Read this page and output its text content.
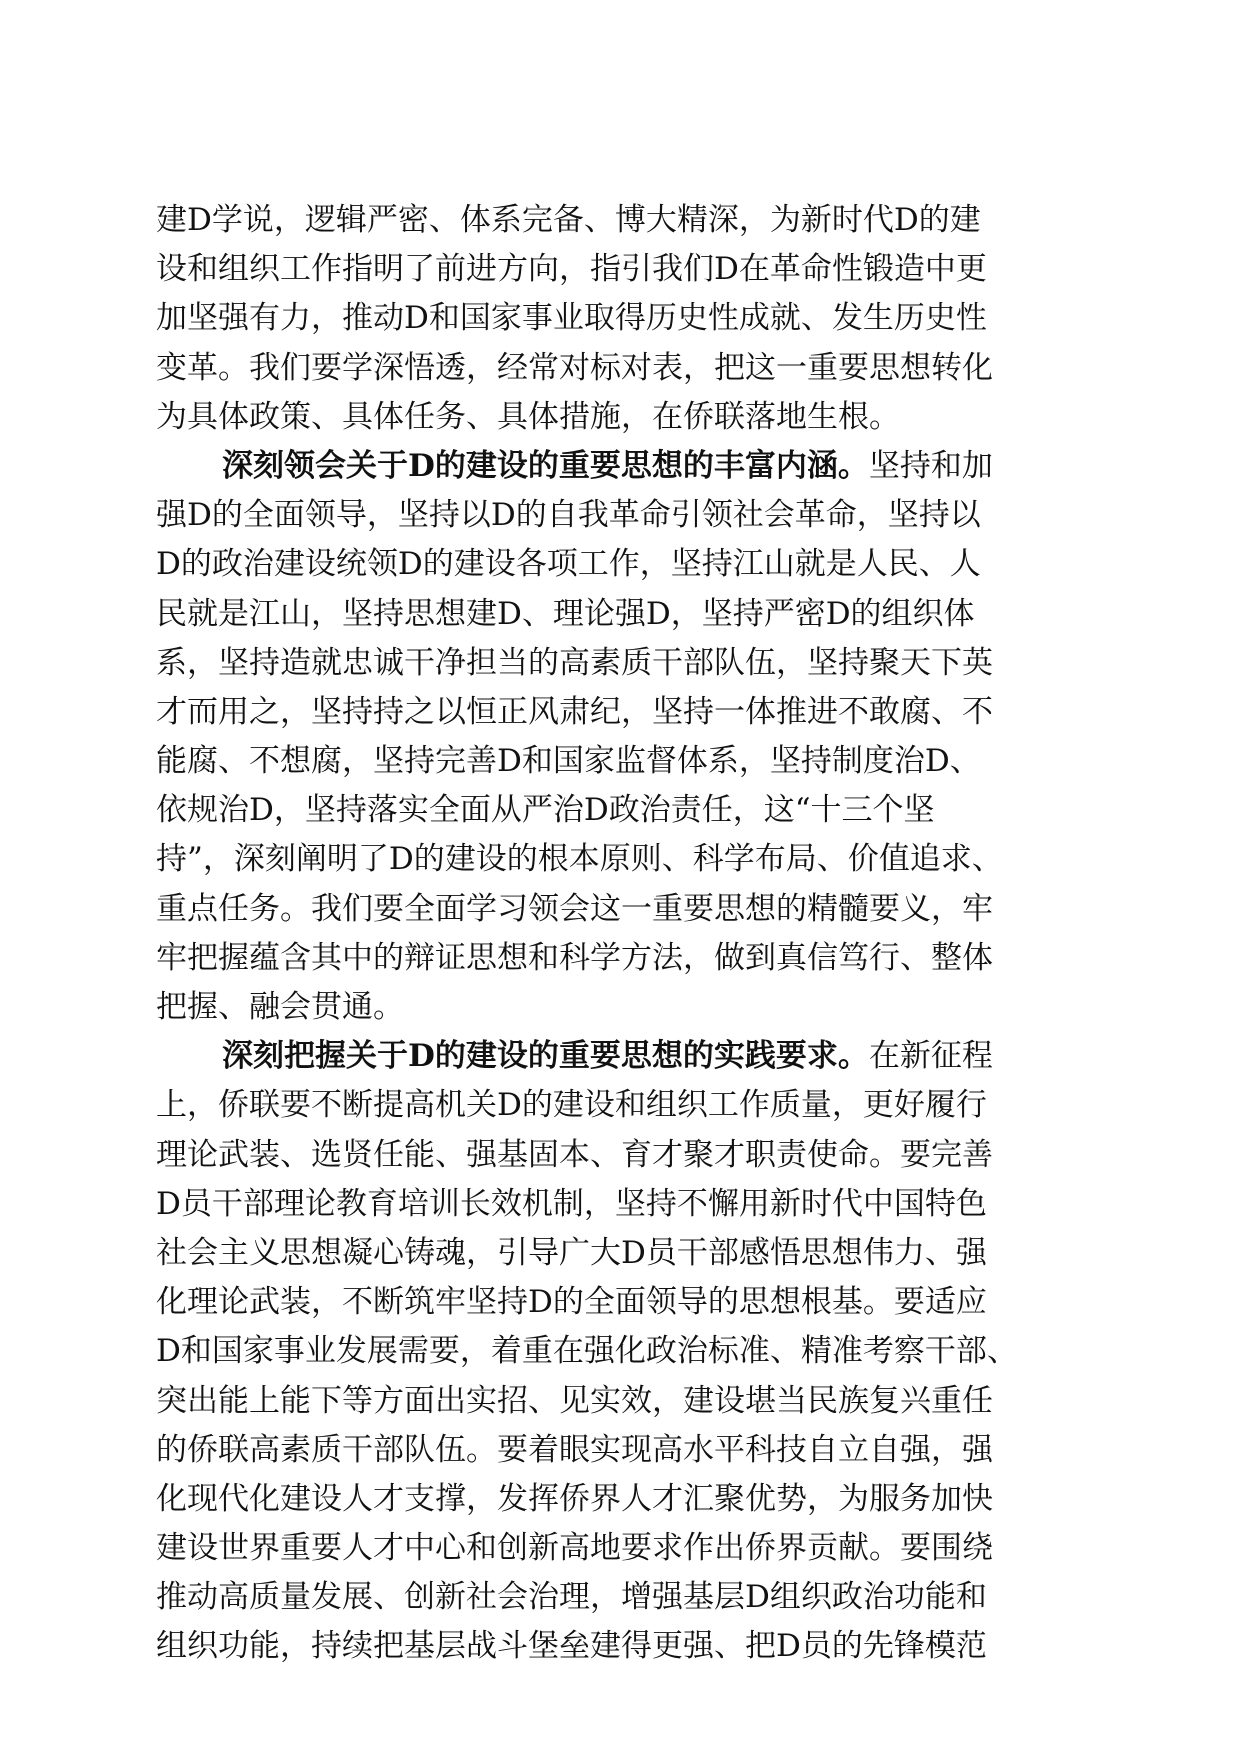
建D学说，逻辑严密、体系完备、博大精深，为新时代D的建
设和组织工作指明了前进方向，指引我们D在革命性锻造中更
加坚强有力，推动D和国家事业取得历史性成就、发生历史性
变革。我们要学深悟透，经常对标对表，把这一重要思想转化
为具体政策、具体任务、具体措施，在侨联落地生根。
深刻领会关于D的建设的重要思想的丰富内涵。坚持和加
强D的全面领导，坚持以D的自我革命引领社会革命，坚持以
D的政治建设统领D的建设各项工作，坚持江山就是人民、人
民就是江山，坚持思想建D、理论强D，坚持严密D的组织体
系，坚持造就忠诚干净担当的高素质干部队伍，坚持聚天下英
才而用之，坚持持之以恒正风肃纪，坚持一体推进不敢腐、不
能腐、不想腐，坚持完善D和国家监督体系，坚持制度治D、
依规治D，坚持落实全面从严治D政治责任，这“十三个坚
持”，深刻阐明了D的建设的根本原则、科学布局、价值追求、
重点任务。我们要全面学习领会这一重要思想的精髓要义，牢
牢把握蕴含其中的辩证思想和科学方法，做到真信笃行、整体
把握、融会贯通。
深刻把握关于D的建设的重要思想的实践要求。在新征程
上，侨联要不断提高机关D的建设和组织工作质量，更好履行
理论武装、选贤任能、强基固本、育才聚才职责使命。要完善
D员干部理论教育培训长效机制，坚持不懈用新时代中国特色
社会主义思想凝心铸魂，引导广大D员干部感悟思想伟力、强
化理论武装，不断筑牢坚持D的全面领导的思想根基。要适应
D和国家事业发展需要，着重在强化政治标准、精准考察干部、
突出能上能下等方面出实招、见实效，建设堪当民族复兴重任
的侨联高素质干部队伍。要着眼实现高水平科技自立自强，强
化现代化建设人才支撑，发挥侨界人才汇聚优势，为服务加快
建设世界重要人才中心和创新高地要求作出侨界贡献。要围绕
推动高质量发展、创新社会治理，增强基层D组织政治功能和
组织功能，持续把基层战斗堡垒建得更强、把D员的先锋模范
